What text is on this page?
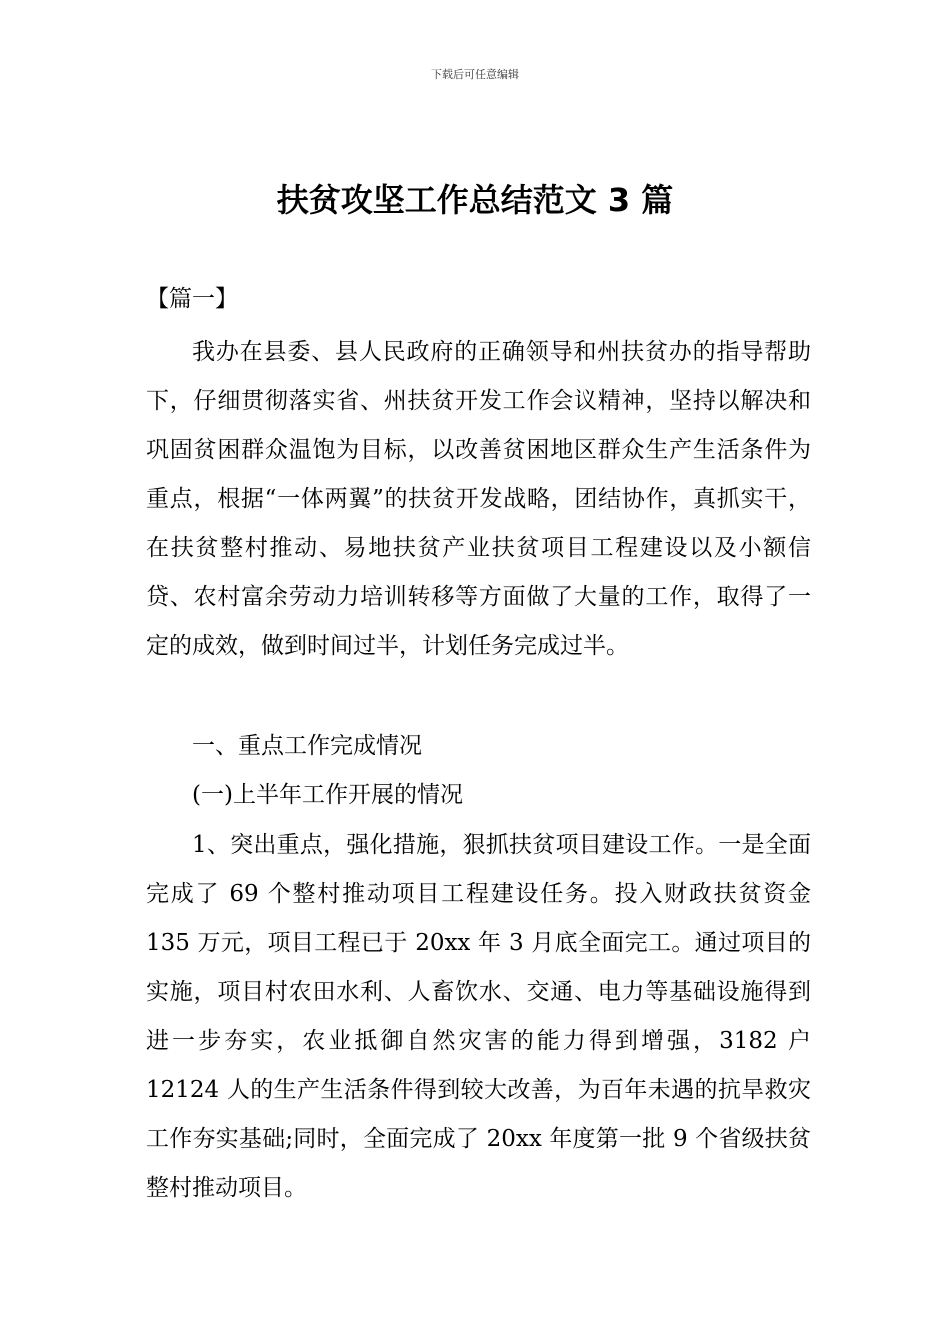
下载后可任意编辑
扶贫攻坚工作总结范文 3 篇
【篇一】

我办在县委、县人民政府的正确领导和州扶贫办的指导帮助下，仔细贯彻落实省、州扶贫开发工作会议精神，坚持以解决和巩固贫困群众温饱为目标，以改善贫困地区群众生产生活条件为重点，根据“一体两翼”的扶贫开发战略，团结协作，真抓实干，在扶贫整村推动、易地扶贫产业扶贫项目工程建设以及小额信贷、农村富余劳动力培训转移等方面做了大量的工作，取得了一定的成效，做到时间过半，计划任务完成过半。

一、重点工作完成情况
(一)上半年工作开展的情况

1、突出重点，强化措施，狠抓扶贫项目建设工作。一是全面完成了 69 个整村推动项目工程建设任务。投入财政扶贫资金 135 万元，项目工程已于 20xx 年 3 月底全面完工。通过项目的实施，项目村农田水利、人畜饮水、交通、电力等基础设施得到进一步夯实，农业抵御自然灾害的能力得到增强，3182 户 12124 人的生产生活条件得到较大改善，为百年未遇的抗旱救灾工作夯实基础;同时，全面完成了 20xx 年度第一批 9 个省级扶贫整村推动项目。
